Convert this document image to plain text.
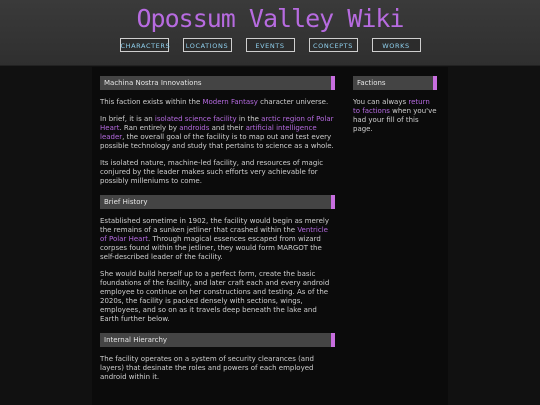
Opossum Valley Wiki
CHARACTERS	LOCATIONS	EVENTS	CONCEPTS	WORKS
Machina Nostra Innovations

This faction exists within the Modern Fantasy character universe.

In brief, it is an isolated science facility in the arctic region of Polar Heart. Ran entirely by androids and their artificial intelligence leader, the overall goal of the facility is to map out and test every possible technology and study that pertains to science as a whole.

Its isolated nature, machine-led facility, and resources of magic conjured by the leader makes such efforts very achievable for possibly milleniums to come.

Brief History

Established sometime in 1902, the facility would begin as merely the remains of a sunken jetliner that crashed within the Ventricle of Polar Heart. Through magical essences escaped from wizard corpses found within the jetliner, they would form MARGOT the self-described leader of the facility.

She would build herself up to a perfect form, create the basic foundations of the facility, and later craft each and every android employee to continue on her constructions and testing. As of the 2020s, the facility is packed densely with sections, wings, employees, and so on as it travels deep beneath the lake and Earth further below.

Internal Hierarchy

The facility operates on a system of security clearances (and layers) that desinate the roles and powers of each employed android within it.

Factions

You can always return to factions when you've had your fill of this page.
